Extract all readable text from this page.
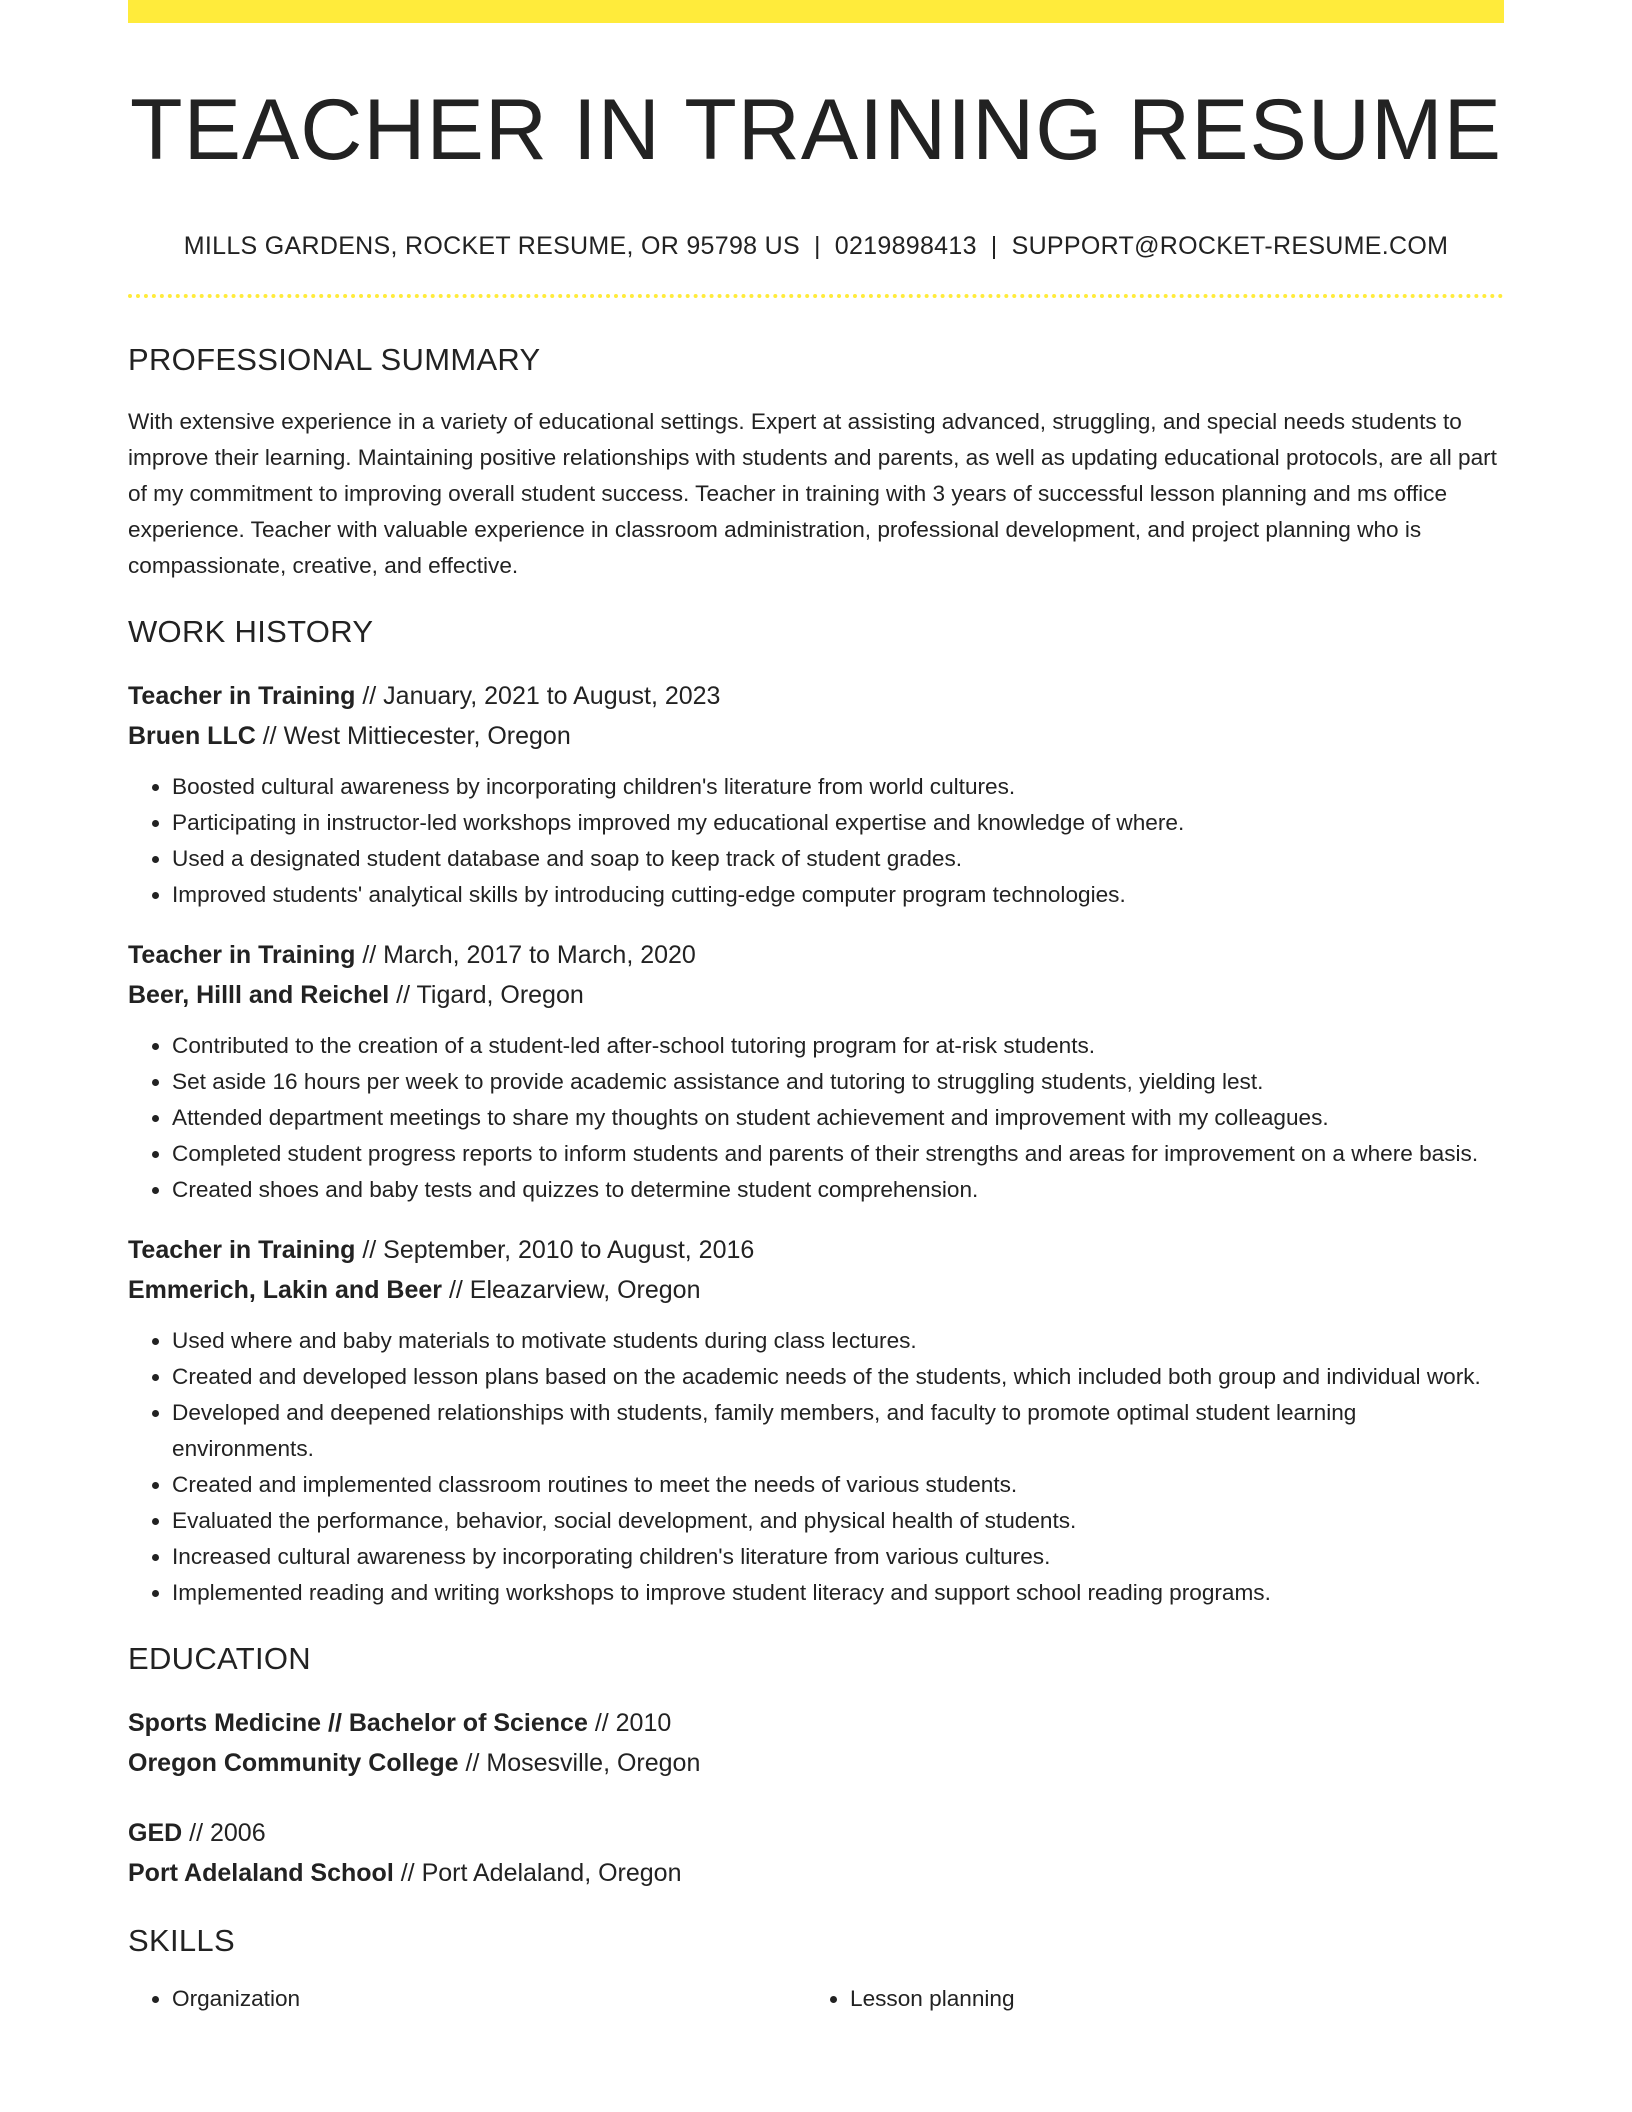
TEACHER IN TRAINING RESUME
MILLS GARDENS, ROCKET RESUME, OR 95798 US | 0219898413 | SUPPORT@ROCKET-RESUME.COM
PROFESSIONAL SUMMARY

With extensive experience in a variety of educational settings. Expert at assisting advanced, struggling, and special needs students to improve their learning. Maintaining positive relationships with students and parents, as well as updating educational protocols, are all part of my commitment to improving overall student success. Teacher in training with 3 years of successful lesson planning and ms office experience. Teacher with valuable experience in classroom administration, professional development, and project planning who is compassionate, creative, and effective.

WORK HISTORY
Teacher in Training // January, 2021 to August, 2023
Bruen LLC // West Mittiecester, Oregon
• Boosted cultural awareness by incorporating children's literature from world cultures.
• Participating in instructor-led workshops improved my educational expertise and knowledge of where.
• Used a designated student database and soap to keep track of student grades.
• Improved students' analytical skills by introducing cutting-edge computer program technologies.
Teacher in Training // March, 2017 to March, 2020
Beer, Hilll and Reichel // Tigard, Oregon
• Contributed to the creation of a student-led after-school tutoring program for at-risk students.
• Set aside 16 hours per week to provide academic assistance and tutoring to struggling students, yielding lest.
• Attended department meetings to share my thoughts on student achievement and improvement with my colleagues.
• Completed student progress reports to inform students and parents of their strengths and areas for improvement on a where basis.
• Created shoes and baby tests and quizzes to determine student comprehension.
Teacher in Training // September, 2010 to August, 2016
Emmerich, Lakin and Beer // Eleazarview, Oregon
• Used where and baby materials to motivate students during class lectures.
• Created and developed lesson plans based on the academic needs of the students, which included both group and individual work.
• Developed and deepened relationships with students, family members, and faculty to promote optimal student learning environments.
• Created and implemented classroom routines to meet the needs of various students.
• Evaluated the performance, behavior, social development, and physical health of students.
• Increased cultural awareness by incorporating children's literature from various cultures.
• Implemented reading and writing workshops to improve student literacy and support school reading programs.
EDUCATION
Sports Medicine // Bachelor of Science // 2010
Oregon Community College // Mosesville, Oregon
GED // 2006
Port Adelaland School // Port Adelaland, Oregon
SKILLS
• Organization
•	Lesson planning
